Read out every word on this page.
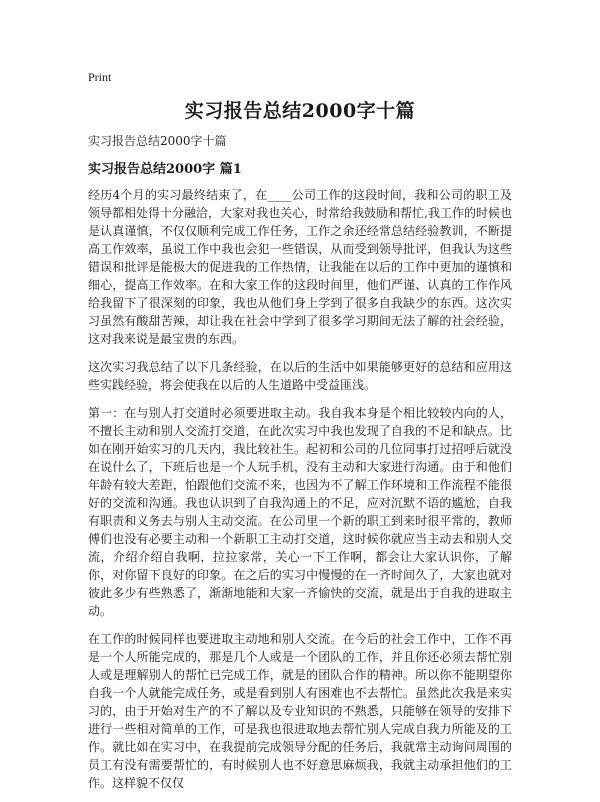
Print
实习报告总结2000字十篇
实习报告总结2000字十篇
实习报告总结2000字 篇1

经历4个月的实习最终结束了，在____公司工作的这段时间，我和公司的职工及领导都相处得十分融洽，大家对我也关心，时常给我鼓励和帮忙,我工作的时候也是认真谨慎，不仅仅顺利完成工作任务，工作之余还经常总结经验教训，不断提高工作效率，虽说工作中我也会犯一些错误，从而受到领导批评，但我认为这些错误和批评是能极大的促进我的工作热情，让我能在以后的工作中更加的谨慎和细心，提高工作效率。在和大家工作的这段时间里，他们严谨、认真的工作作风给我留下了很深刻的印象，我也从他们身上学到了很多自我缺少的东西。这次实习虽然有酸甜苦辣，却让我在社会中学到了很多学习期间无法了解的社会经验，这对我来说是最宝贵的东西。

这次实习我总结了以下几条经验，在以后的生活中如果能够更好的总结和应用这些实践经验，将会使我在以后的人生道路中受益匪浅。

第一：在与别人打交道时必须要进取主动。我自我本身是个相比较较内向的人，不擅长主动和别人交流打交道，在此次实习中我也发现了自我的不足和缺点。比如在刚开始实习的几天内，我比较社生。起初和公司的几位同事打过招呼后就没在说什么了，下班后也是一个人玩手机，没有主动和大家进行沟通。由于和他们年龄有较大差距，怕跟他们交流不来，也因为不了解工作环境和工作流程不能很好的交流和沟通。我也认识到了自我沟通上的不足，应对沉默不语的尴尬，自我有职责和义务去与别人主动交流。在公司里一个新的职工到来时很平常的，教师傅们也没有必要主动和一个新职工主动打交道，这时候你就应当主动去和别人交流，介绍介绍自我啊，拉拉家常，关心一下工作啊，都会让大家认识你，了解你，对你留下良好的印象。在之后的实习中慢慢的在一齐时间久了，大家也就对彼此多少有些熟悉了，渐渐地能和大家一齐愉快的交流，就是出于自我的进取主动。

在工作的时候同样也要进取主动地和别人交流。在今后的社会工作中，工作不再是一个人所能完成的，那是几个人或是一个团队的工作，并且你还必须去帮忙别人或是理解别人的帮忙已完成工作，就是的团队合作的精神。所以你不能期望你自我一个人就能完成任务，或是看到别人有困难也不去帮忙。虽然此次我是来实习的，由于开始对生产的不了解以及专业知识的不熟悉，只能够在领导的安排下进行一些相对简单的工作，可是我也很进取地去帮忙别人完成自我力所能及的工作。就比如在实习中，在我提前完成领导分配的任务后，我就常主动询问周围的员工有没有需要帮忙的，有时候别人也不好意思麻烦我，我就主动承担他们的工作。这样貌不仅仅
